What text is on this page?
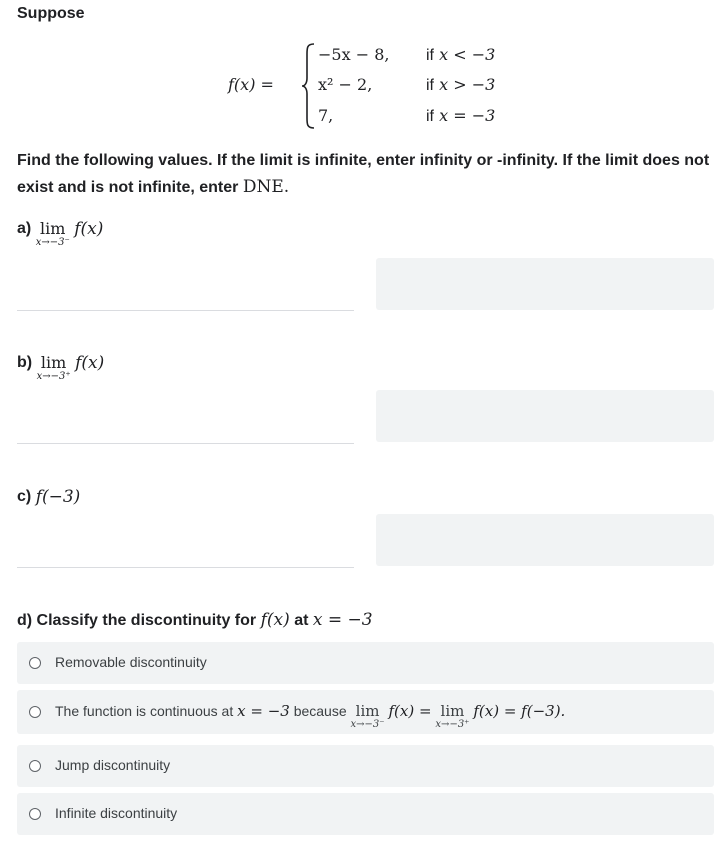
Suppose
f(x) =
−5x − 8, if x < −3
x² − 2,	if x > −3
7,	if x = −3
Find the following values. If the limit is infinite, enter infinity or -infinity. If the limit does not exist and is not infinite, enter DNE.
a) lim
x→−3⁻
f(x)
b) lim
x→−3⁺
f(x)
c) f(−3)
d) Classify the discontinuity for f(x) at x = −3
Removable discontinuity
The function is continuous at x = −3 because lim
x→−3⁻
f(x) = lim
x→−3⁺
f(x) = f(−3).
Jump discontinuity
Infinite discontinuity
